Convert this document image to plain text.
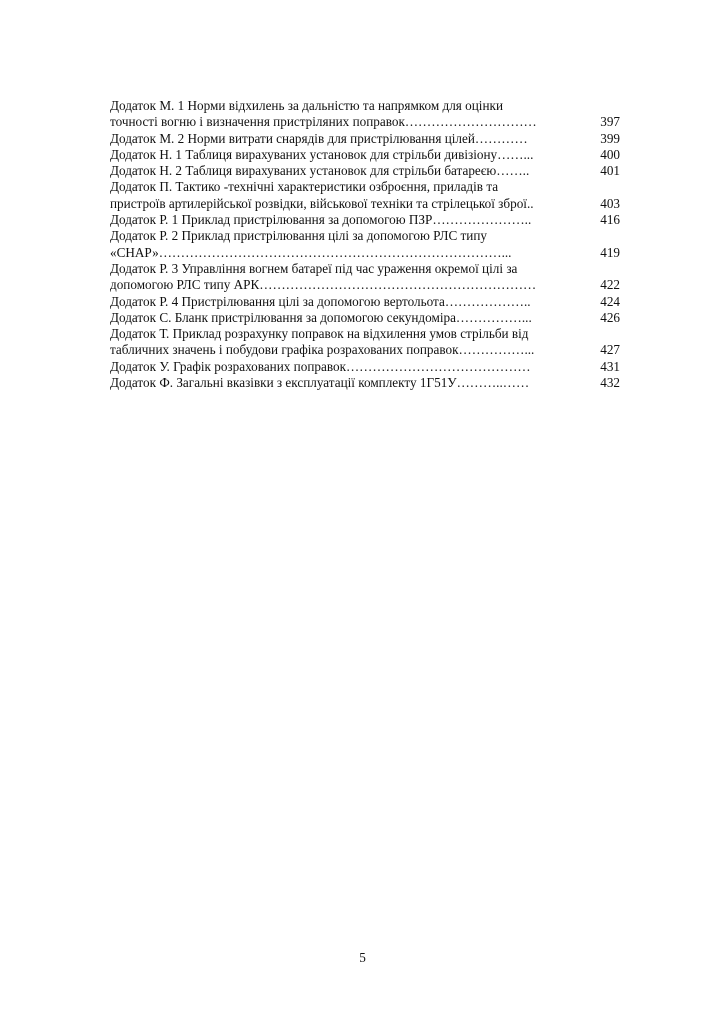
Додаток М. 1 Норми відхилень за дальністю та напрямком для оцінки
точності вогню і визначення пристріляних поправок…………………………	397
Додаток М. 2 Норми витрати снарядів для пристрілювання цілей…………	399
Додаток Н. 1 Таблиця вирахуваних установок для стрільби дивізіону……...	400
Додаток Н. 2 Таблиця вирахуваних установок для стрільби батареєю……..	401
Додаток П. Тактико -технічні характеристики озброєння, приладів та
пристроїв артилерійської розвідки, військової техніки та стрілецької зброї..	403
Додаток Р. 1 Приклад пристрілювання за допомогою ПЗР…………………..	416
Додаток Р. 2 Приклад пристрілювання цілі за допомогою РЛС типу
«СНАР»……………………………………………………………………...	419
Додаток Р. 3 Управління вогнем батареї під час ураження окремої цілі за
допомогою РЛС типу АРК………………………………………………………	422
Додаток Р. 4 Пристрілювання цілі за допомогою вертольота………………..	424
Додаток С. Бланк пристрілювання за допомогою секундоміра……………...	426
Додаток Т. Приклад розрахунку поправок на відхилення умов стрільби від
табличних значень і побудови графіка розрахованих поправок……………...	427
Додаток У. Графік розрахованих поправок……………………………………	431
Додаток Ф. Загальні вказівки з експлуатації комплекту 1Г51У………..……	432
5
